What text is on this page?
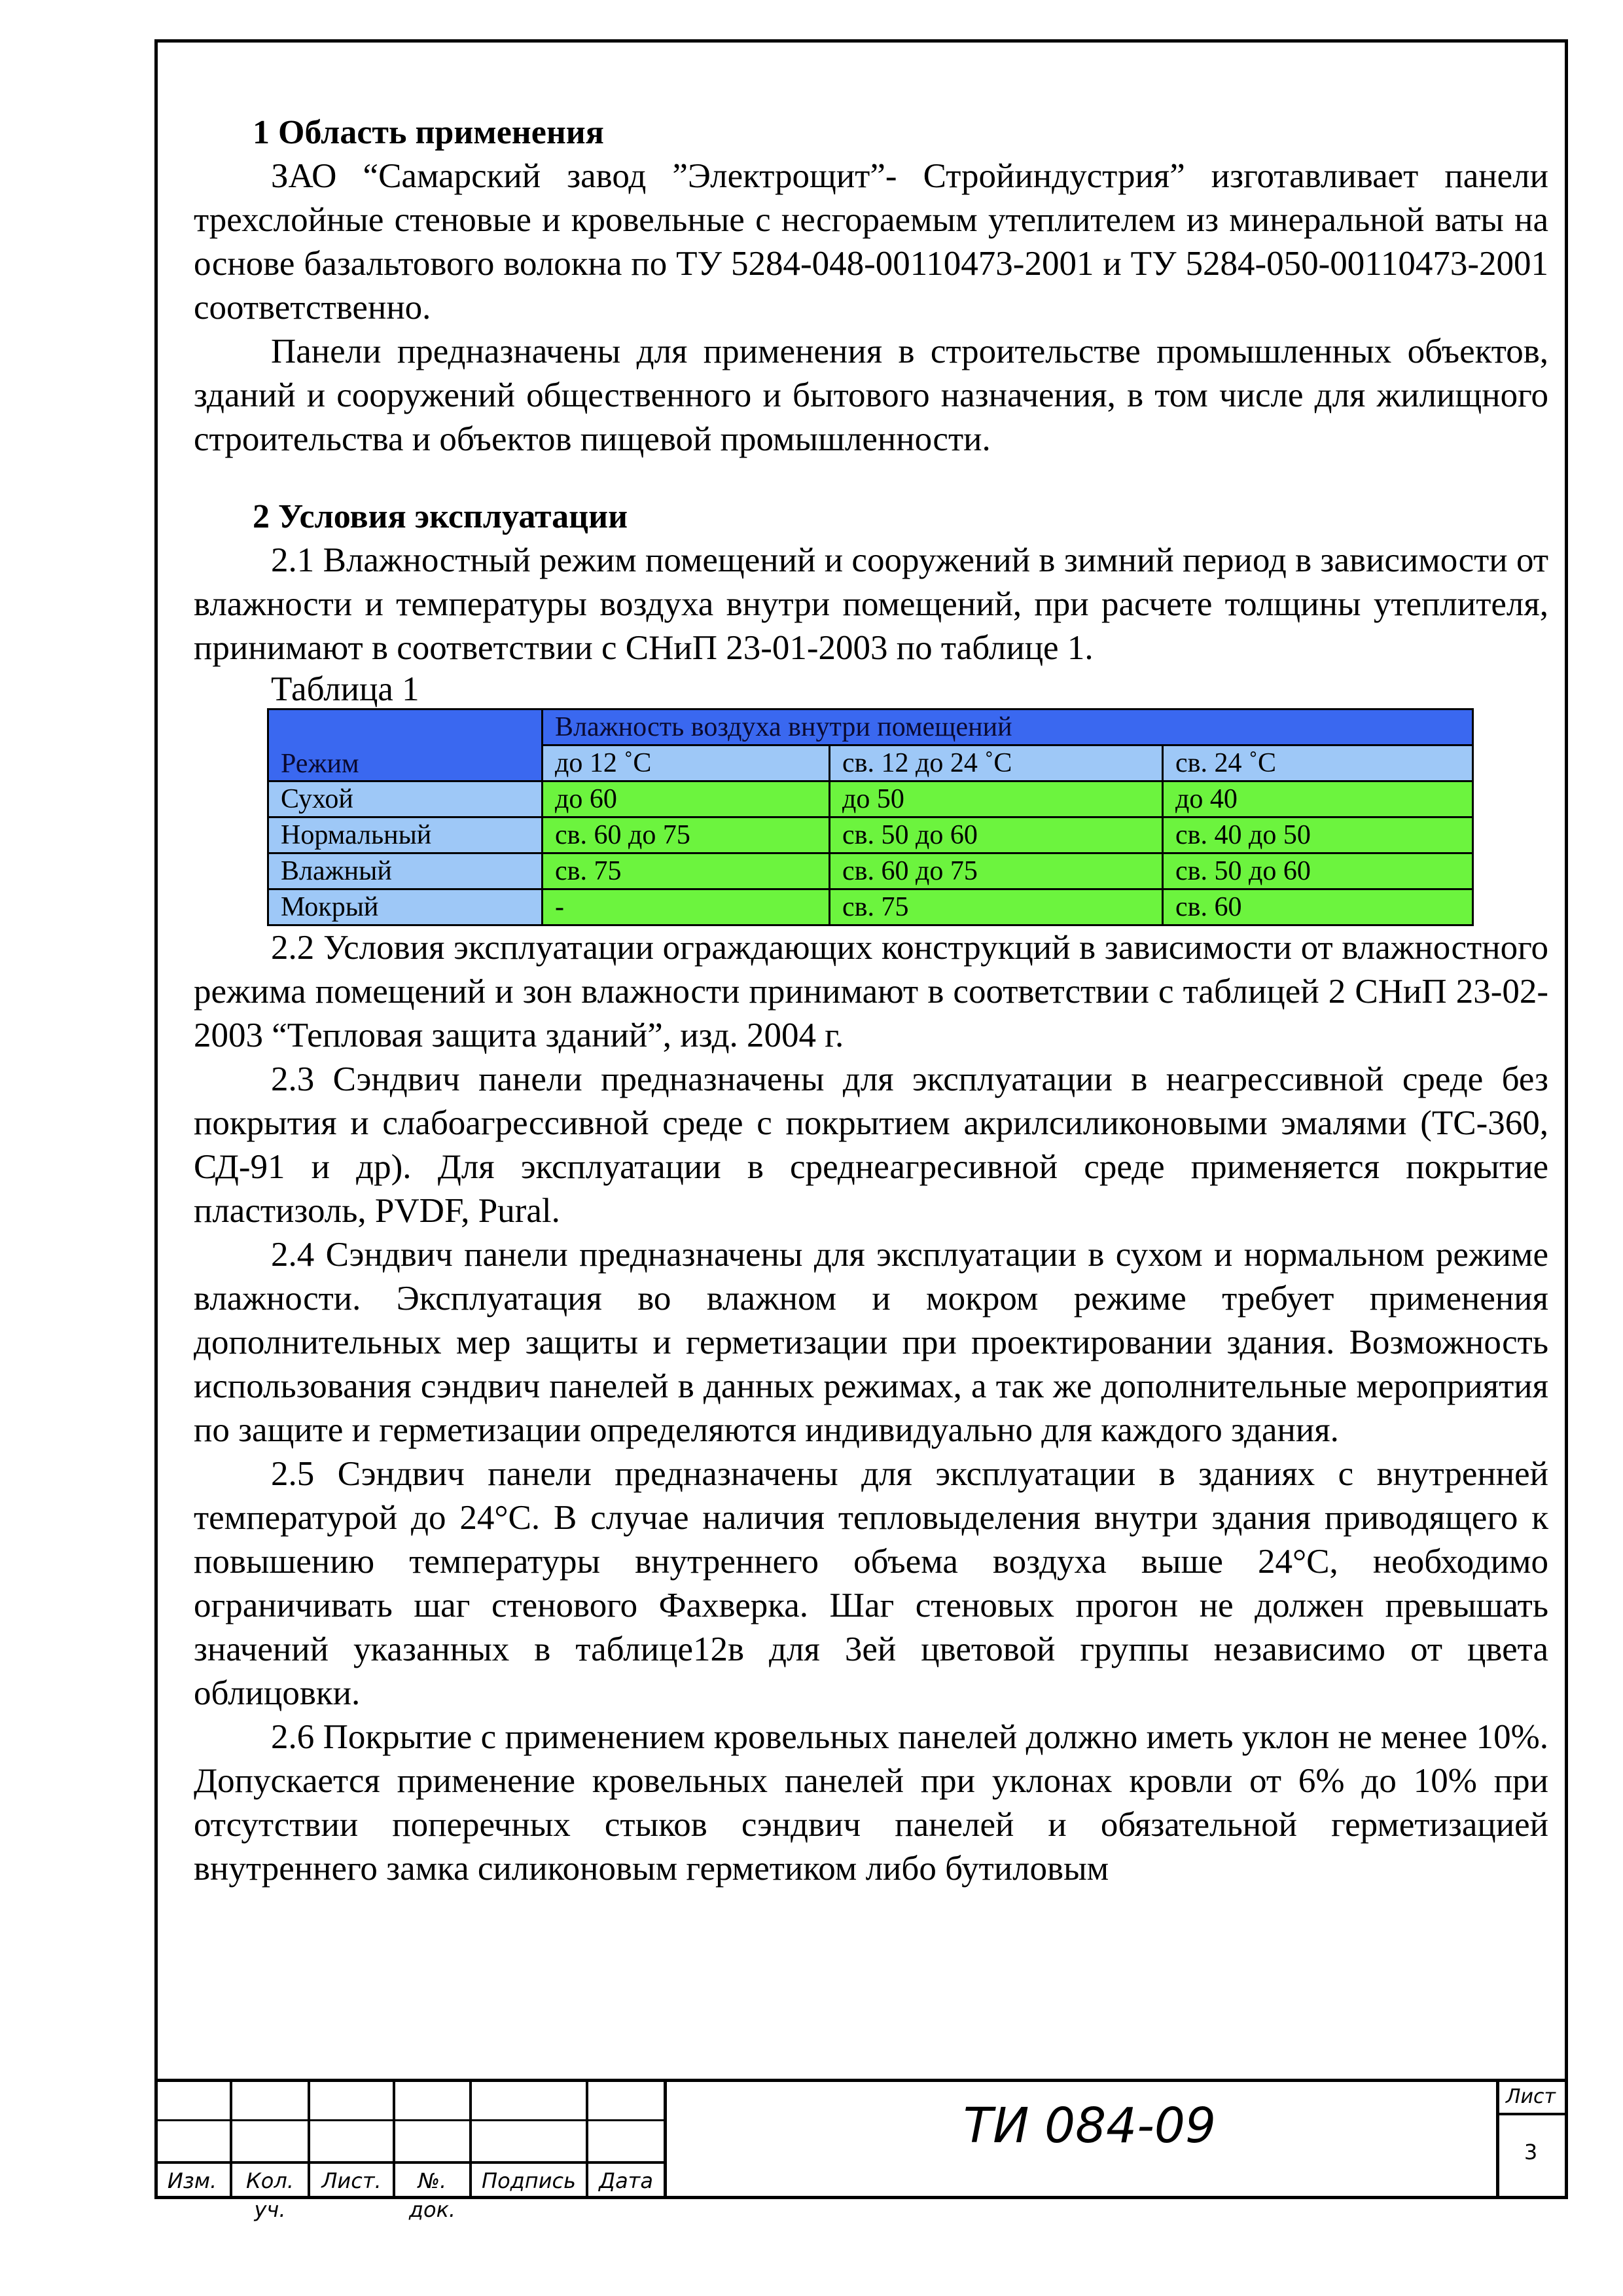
1 Область применения

ЗАО “Самарский завод ”Электрощит”- Стройиндустрия” изготавливает панели трехслойные стеновые и кровельные с несгораемым утеплителем из минеральной ваты на основе базальтового волокна по ТУ 5284-048-00110473-2001 и ТУ 5284-050-00110473-2001 соответственно.

Панели предназначены для применения в строительстве промышленных объектов, зданий и сооружений общественного и бытового назначения, в том числе для жилищного строительства и объектов пищевой промышленности.

2 Условия эксплуатации

2.1 Влажностный режим помещений и сооружений в зимний период в зависимости от влажности и температуры воздуха внутри помещений, при расчете толщины утеплителя, принимают в соответствии с СНиП 23-01-2003 по таблице 1.

Таблица 1
Режим	Влажность воздуха внутри помещений		
	до 12 ˚С	св. 12 до 24 ˚С	св. 24 ˚С
Сухой	до 60	до 50	до 40
Нормальный	св. 60 до 75	св. 50 до 60	св. 40 до 50
Влажный	св. 75	св. 60 до 75	св. 50 до 60
Мокрый	-	св. 75	св. 60

2.2 Условия эксплуатации ограждающих конструкций в зависимости от влажностного режима помещений и зон влажности принимают в соответствии с таблицей 2 СНиП 23-02-2003 “Тепловая защита зданий”, изд. 2004 г.

2.3 Сэндвич панели предназначены для эксплуатации в неагрессивной среде без покрытия и слабоагрессивной среде с покрытием акрилсиликоновыми эмалями (ТС-360, СД-91 и др). Для эксплуатации в среднеагресивной среде применяется покрытие пластизоль, PVDF, Pural.

2.4 Сэндвич панели предназначены для эксплуатации в сухом и нормальном режиме влажности. Эксплуатация во влажном и мокром режиме требует применения дополнительных мер защиты и герметизации при проектировании здания. Возможность использования сэндвич панелей в данных режимах, а так же дополнительные мероприятия по защите и герметизации определяются индивидуально для каждого здания.

2.5 Сэндвич панели предназначены для эксплуатации в зданиях с внутренней температурой до 24°С. В случае наличия тепловыделения внутри здания приводящего к повышению температуры внутреннего объема воздуха выше 24°С, необходимо ограничивать шаг стенового Фахверка. Шаг стеновых прогон не должен превышать значений указанных в таблице12в для 3ей цветовой группы независимо от цвета облицовки.

2.6 Покрытие с применением кровельных панелей должно иметь уклон не менее 10%. Допускается применение кровельных панелей при уклонах кровли от 6% до 10% при отсутствии поперечных стыков сэндвич панелей и обязательной герметизацией внутреннего замка силиконовым герметиком либо бутиловым

Изм.	Кол. уч.
Лист.	№. док.
Подпись	Дата
ТИ 084-09
Лист
3
